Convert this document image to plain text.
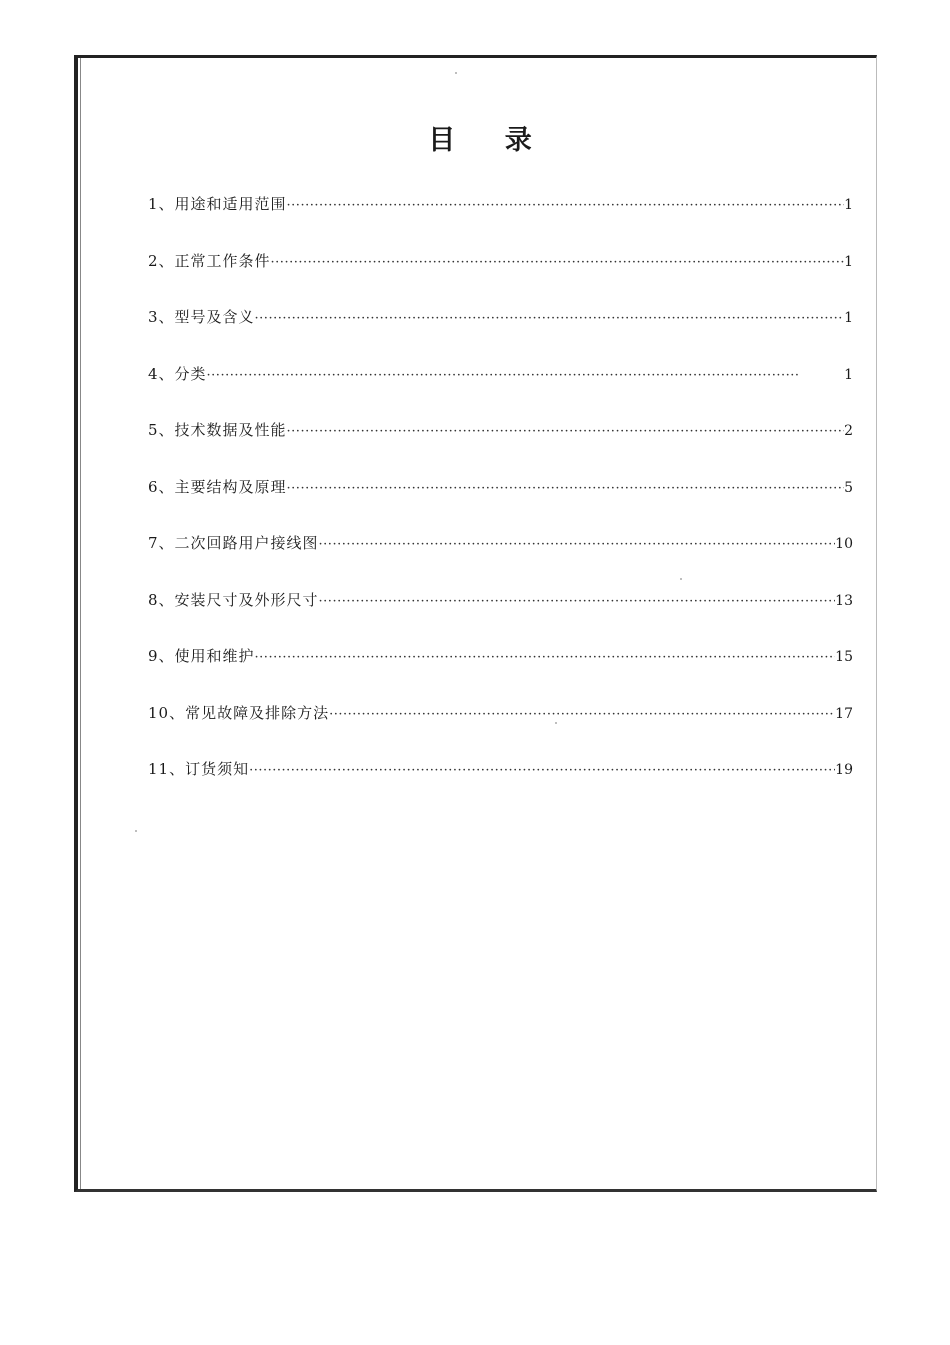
目 录
1、用途和适用范围 ·····	1
2、正常工作条件 ·····	1
3、型号及含义 ·····	1
4、分类 ·····	1
5、技术数据及性能 ·····	2
6、主要结构及原理 ·····	5
7、二次回路用户接线图 ·····	10
8、安装尺寸及外形尺寸 ·····	13
9、使用和维护 ·····	15
10、常见故障及排除方法 ·····	17
11、订货须知 ·····	19
